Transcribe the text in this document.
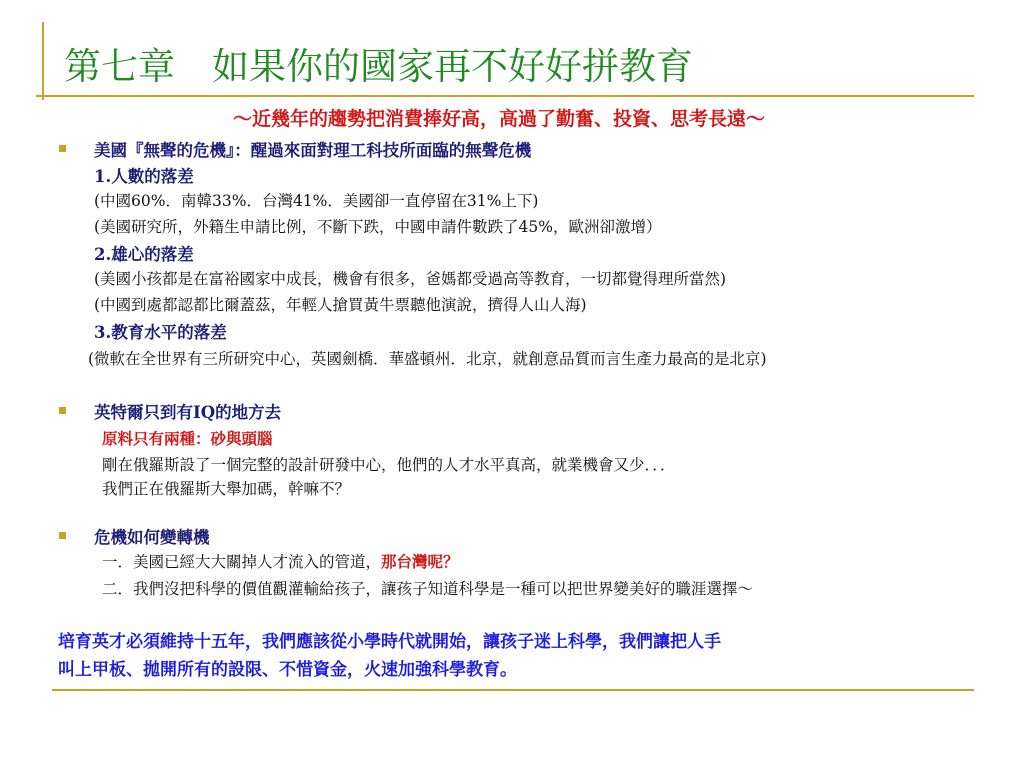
第七章　如果你的國家再不好好拼教育
～近幾年的趨勢把消費捧好高，高過了勤奮、投資、思考長遠～
美國『無聲的危機』：醒過來面對理工科技所面臨的無聲危機
1.人數的落差
(中國60%．南韓33%．台灣41%．美國卻一直停留在31%上下)
(美國研究所，外籍生申請比例，不斷下跌，中國申請件數跌了45%，歐洲卻激增）
2.雄心的落差
(美國小孩都是在富裕國家中成長，機會有很多，爸媽都受過高等教育，一切都覺得理所當然)
(中國到處都認都比爾蓋茲，年輕人搶買黃牛票聽他演說，擠得人山人海)
3.教育水平的落差
(微軟在全世界有三所研究中心，英國劍橋．華盛頓州．北京，就創意品質而言生產力最高的是北京)
英特爾只到有IQ的地方去
原料只有兩種：砂與頭腦
剛在俄羅斯設了一個完整的設計研發中心，他們的人才水平真高，就業機會又少．．．
我們正在俄羅斯大舉加碼，幹嘛不？
危機如何變轉機
一．美國已經大大關掉人才流入的管道，那台灣呢？
二．我們沒把科學的價值觀灌輸給孩子，讓孩子知道科學是一種可以把世界變美好的職涯選擇～
培育英才必須維持十五年，我們應該從小學時代就開始，讓孩子迷上科學，我們讓把人手
叫上甲板、拋開所有的設限、不惜資金，火速加強科學教育。
